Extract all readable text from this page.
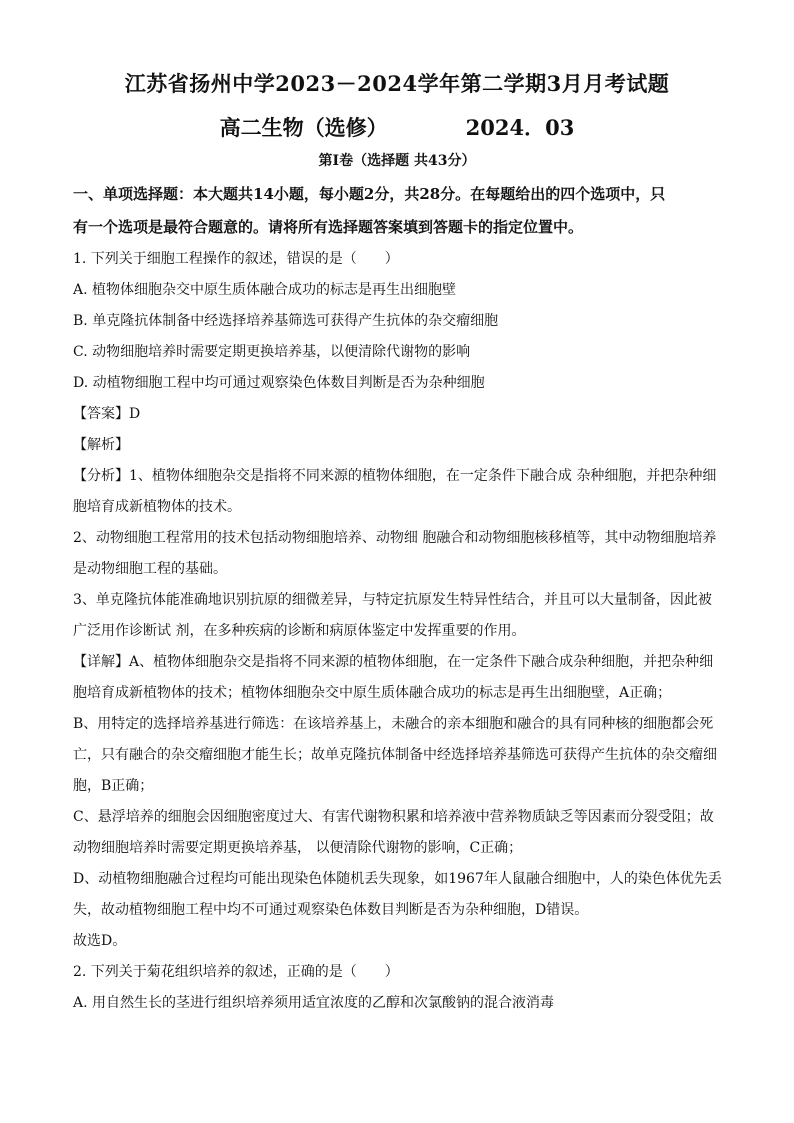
江苏省扬州中学2023－2024学年第二学期3月月考试题
高二生物（选修）	2024．03
第Ⅰ卷（选择题 共43分）
一、单项选择题：本大题共14小题，每小题2分，共28分。在每题给出的四个选项中，只
有一个选项是最符合题意的。请将所有选择题答案填到答题卡的指定位置中。
1. 下列关于细胞工程操作的叙述，错误的是（　　）
A. 植物体细胞杂交中原生质体融合成功的标志是再生出细胞壁
B. 单克隆抗体制备中经选择培养基筛选可获得产生抗体的杂交瘤细胞
C. 动物细胞培养时需要定期更换培养基，以便清除代谢物的影响
D. 动植物细胞工程中均可通过观察染色体数目判断是否为杂种细胞
【答案】D
【解析】
【分析】1、植物体细胞杂交是指将不同来源的植物体细胞，在一定条件下融合成 杂种细胞，并把杂种细
胞培育成新植物体的技术。
2、动物细胞工程常用的技术包括动物细胞培养、动物细 胞融合和动物细胞核移植等，其中动物细胞培养
是动物细胞工程的基础。
3、单克隆抗体能准确地识别抗原的细微差异，与特定抗原发生特异性结合，并且可以大量制备，因此被
广泛用作诊断试 剂，在多种疾病的诊断和病原体鉴定中发挥重要的作用。
【详解】A、植物体细胞杂交是指将不同来源的植物体细胞，在一定条件下融合成杂种细胞，并把杂种细
胞培育成新植物体的技术；植物体细胞杂交中原生质体融合成功的标志是再生出细胞壁，A正确；
B、用特定的选择培养基进行筛选：在该培养基上，未融合的亲本细胞和融合的具有同种核的细胞都会死
亡，只有融合的杂交瘤细胞才能生长；故单克隆抗体制备中经选择培养基筛选可获得产生抗体的杂交瘤细
胞，B正确；
C、悬浮培养的细胞会因细胞密度过大、有害代谢物积累和培养液中营养物质缺乏等因素而分裂受阻；故
动物细胞培养时需要定期更换培养基， 以便清除代谢物的影响，C正确；
D、动植物细胞融合过程均可能出现染色体随机丢失现象，如1967年人鼠融合细胞中，人的染色体优先丢
失，故动植物细胞工程中均不可通过观察染色体数目判断是否为杂种细胞，D错误。
故选D。
2. 下列关于菊花组织培养的叙述，正确的是（　　）
A. 用自然生长的茎进行组织培养须用适宜浓度的乙醇和次氯酸钠的混合液消毒
